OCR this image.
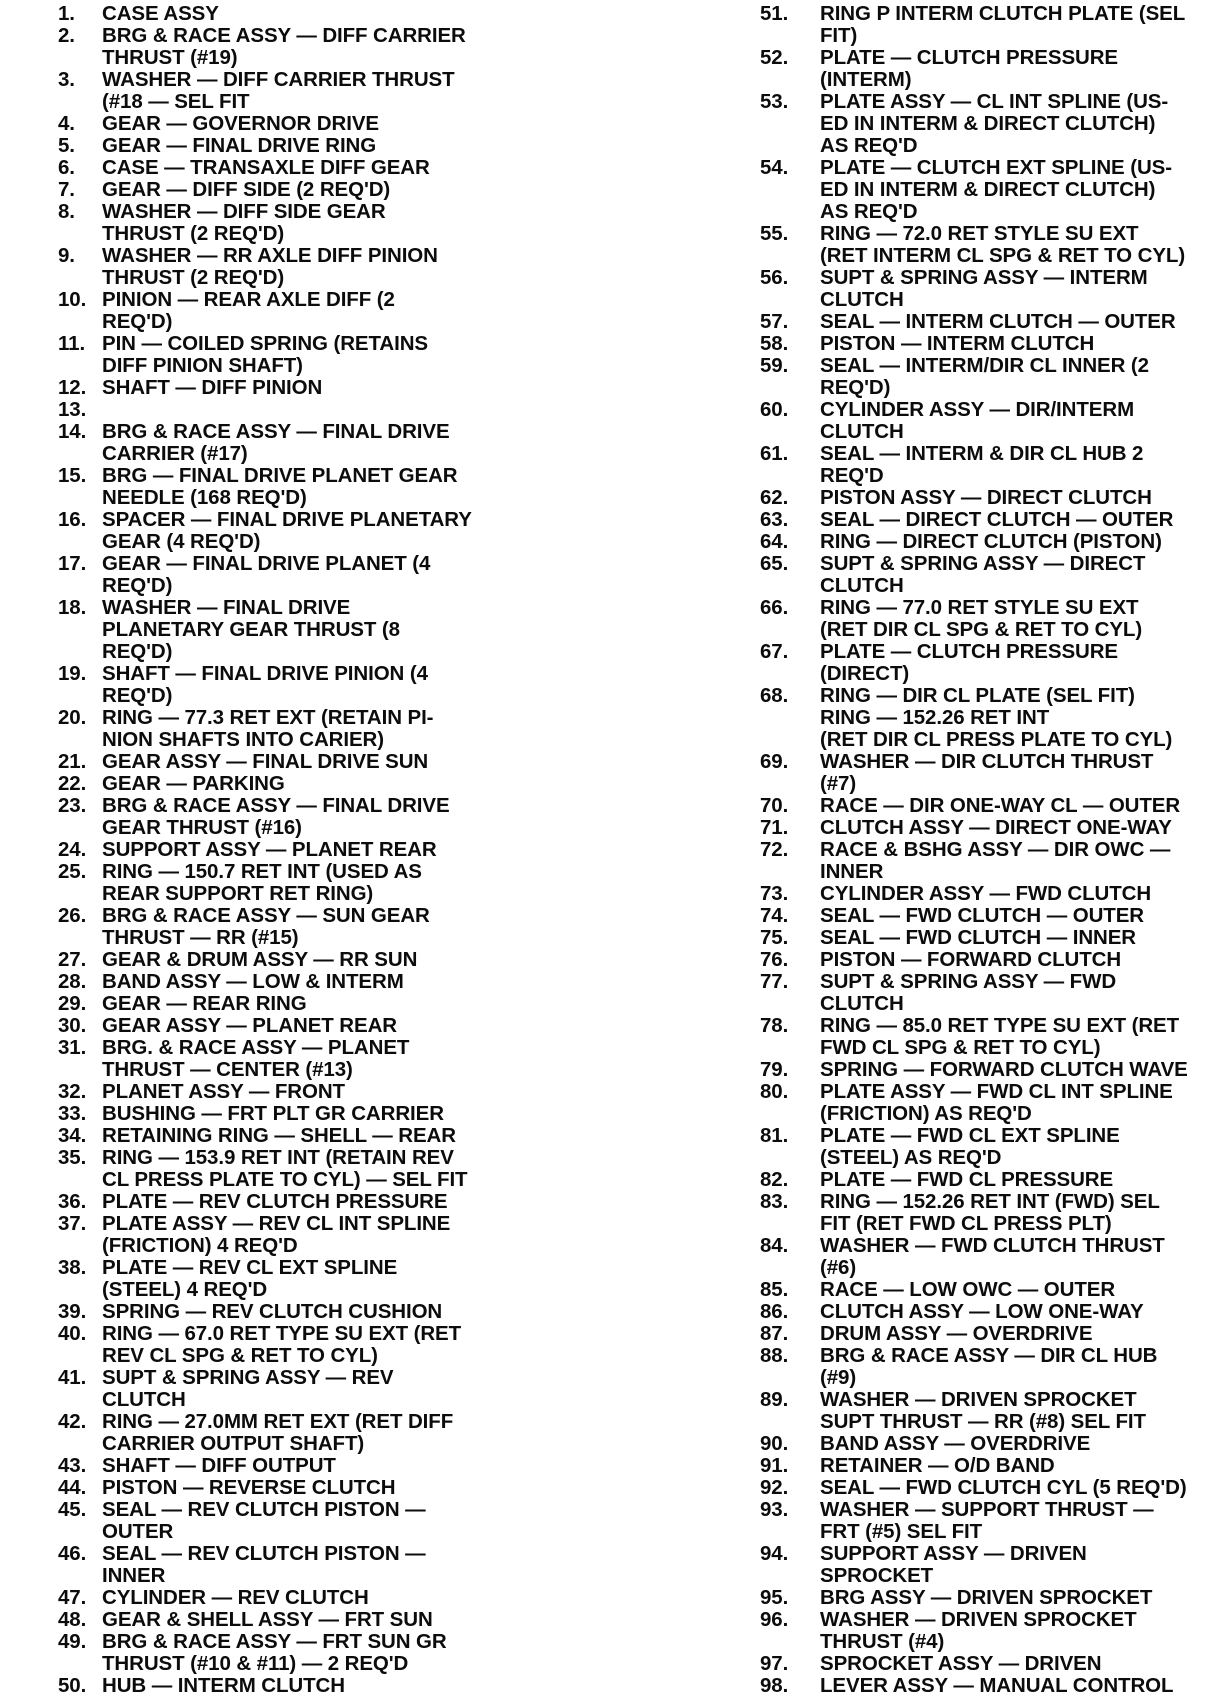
1.	CASE ASSY
2.	BRG & RACE ASSY — DIFF CARRIER
THRUST (#19)
3.	WASHER — DIFF CARRIER THRUST
(#18 — SEL FIT
4.	GEAR — GOVERNOR DRIVE
5.	GEAR — FINAL DRIVE RING
6.	CASE — TRANSAXLE DIFF GEAR
7.	GEAR — DIFF SIDE (2 REQ'D)
8.	WASHER — DIFF SIDE GEAR
THRUST (2 REQ'D)
9.	WASHER — RR AXLE DIFF PINION
THRUST (2 REQ'D)
10. PINION — REAR AXLE DIFF (2
REQ'D)
11. PIN — COILED SPRING (RETAINS
DIFF PINION SHAFT)
12. SHAFT — DIFF PINION
13.
14. BRG & RACE ASSY — FINAL DRIVE
CARRIER (#17)
15. BRG — FINAL DRIVE PLANET GEAR
NEEDLE (168 REQ'D)
16. SPACER — FINAL DRIVE PLANETARY
GEAR (4 REQ'D)
17. GEAR — FINAL DRIVE PLANET (4
REQ'D)
18. WASHER — FINAL DRIVE
PLANETARY GEAR THRUST (8
REQ'D)
19. SHAFT — FINAL DRIVE PINION (4
REQ'D)
20. RING — 77.3 RET EXT (RETAIN PI-
NION SHAFTS INTO CARIER)
21. GEAR ASSY — FINAL DRIVE SUN
22. GEAR — PARKING
23. BRG & RACE ASSY — FINAL DRIVE
GEAR THRUST (#16)
24. SUPPORT ASSY — PLANET REAR
25. RING — 150.7 RET INT (USED AS
REAR SUPPORT RET RING)
26. BRG & RACE ASSY — SUN GEAR
THRUST — RR (#15)
27. GEAR & DRUM ASSY — RR SUN
28. BAND ASSY — LOW & INTERM
29. GEAR — REAR RING
30. GEAR ASSY — PLANET REAR
31. BRG. & RACE ASSY — PLANET
THRUST — CENTER (#13)
32. PLANET ASSY — FRONT
33. BUSHING — FRT PLT GR CARRIER
34. RETAINING RING — SHELL — REAR
35. RING — 153.9 RET INT (RETAIN REV
CL PRESS PLATE TO CYL) — SEL FIT
36. PLATE — REV CLUTCH PRESSURE
37. PLATE ASSY — REV CL INT SPLINE
(FRICTION) 4 REQ'D
38. PLATE — REV CL EXT SPLINE
(STEEL) 4 REQ'D
39. SPRING — REV CLUTCH CUSHION
40. RING — 67.0 RET TYPE SU EXT (RET
REV CL SPG & RET TO CYL)
41. SUPT & SPRING ASSY — REV
CLUTCH
42. RING — 27.0MM RET EXT (RET DIFF
CARRIER OUTPUT SHAFT)
43. SHAFT — DIFF OUTPUT
44. PISTON — REVERSE CLUTCH
45. SEAL — REV CLUTCH PISTON —
OUTER
46. SEAL — REV CLUTCH PISTON —
INNER
47. CYLINDER — REV CLUTCH
48. GEAR & SHELL ASSY — FRT SUN
49. BRG & RACE ASSY — FRT SUN GR
THRUST (#10 & #11) — 2 REQ'D
50. HUB — INTERM CLUTCH
51.	RING P INTERM CLUTCH PLATE (SEL
FIT)
52.	PLATE — CLUTCH PRESSURE
(INTERM)
53.	PLATE ASSY — CL INT SPLINE (US-
ED IN INTERM & DIRECT CLUTCH)
AS REQ'D
54.	PLATE — CLUTCH EXT SPLINE (US-
ED IN INTERM & DIRECT CLUTCH)
AS REQ'D
55.	RING — 72.0 RET STYLE SU EXT
(RET INTERM CL SPG & RET TO CYL)
56.	SUPT & SPRING ASSY — INTERM
CLUTCH
57.	SEAL — INTERM CLUTCH — OUTER
58.	PISTON — INTERM CLUTCH
59.	SEAL — INTERM/DIR CL INNER (2
REQ'D)
60.	CYLINDER ASSY — DIR/INTERM
CLUTCH
61.	SEAL — INTERM & DIR CL HUB 2
REQ'D
62.	PISTON ASSY — DIRECT CLUTCH
63.	SEAL — DIRECT CLUTCH — OUTER
64.	RING — DIRECT CLUTCH (PISTON)
65.	SUPT & SPRING ASSY — DIRECT
CLUTCH
66.	RING — 77.0 RET STYLE SU EXT
(RET DIR CL SPG & RET TO CYL)
67.	PLATE — CLUTCH PRESSURE
(DIRECT)
68.	RING — DIR CL PLATE (SEL FIT)
RING — 152.26 RET INT
(RET DIR CL PRESS PLATE TO CYL)
69.	WASHER — DIR CLUTCH THRUST
(#7)
70.	RACE — DIR ONE-WAY CL — OUTER
71.	CLUTCH ASSY — DIRECT ONE-WAY
72.	RACE & BSHG ASSY — DIR OWC —
INNER
73.	CYLINDER ASSY — FWD CLUTCH
74.	SEAL — FWD CLUTCH — OUTER
75.	SEAL — FWD CLUTCH — INNER
76.	PISTON — FORWARD CLUTCH
77.	SUPT & SPRING ASSY — FWD
CLUTCH
78.	RING — 85.0 RET TYPE SU EXT (RET
FWD CL SPG & RET TO CYL)
79.	SPRING — FORWARD CLUTCH WAVE
80.	PLATE ASSY — FWD CL INT SPLINE
(FRICTION) AS REQ'D
81.	PLATE — FWD CL EXT SPLINE
(STEEL) AS REQ'D
82.	PLATE — FWD CL PRESSURE
83.	RING — 152.26 RET INT (FWD) SEL
FIT (RET FWD CL PRESS PLT)
84.	WASHER — FWD CLUTCH THRUST
(#6)
85.	RACE — LOW OWC — OUTER
86.	CLUTCH ASSY — LOW ONE-WAY
87.	DRUM ASSY — OVERDRIVE
88.	BRG & RACE ASSY — DIR CL HUB
(#9)
89.	WASHER — DRIVEN SPROCKET
SUPT THRUST — RR (#8) SEL FIT
90.	BAND ASSY — OVERDRIVE
91.	RETAINER — O/D BAND
92.	SEAL — FWD CLUTCH CYL (5 REQ'D)
93.	WASHER — SUPPORT THRUST —
FRT (#5) SEL FIT
94.	SUPPORT ASSY — DRIVEN
SPROCKET
95.	BRG ASSY — DRIVEN SPROCKET
96.	WASHER — DRIVEN SPROCKET
THRUST (#4)
97.	SPROCKET ASSY — DRIVEN
98.	LEVER ASSY — MANUAL CONTROL
